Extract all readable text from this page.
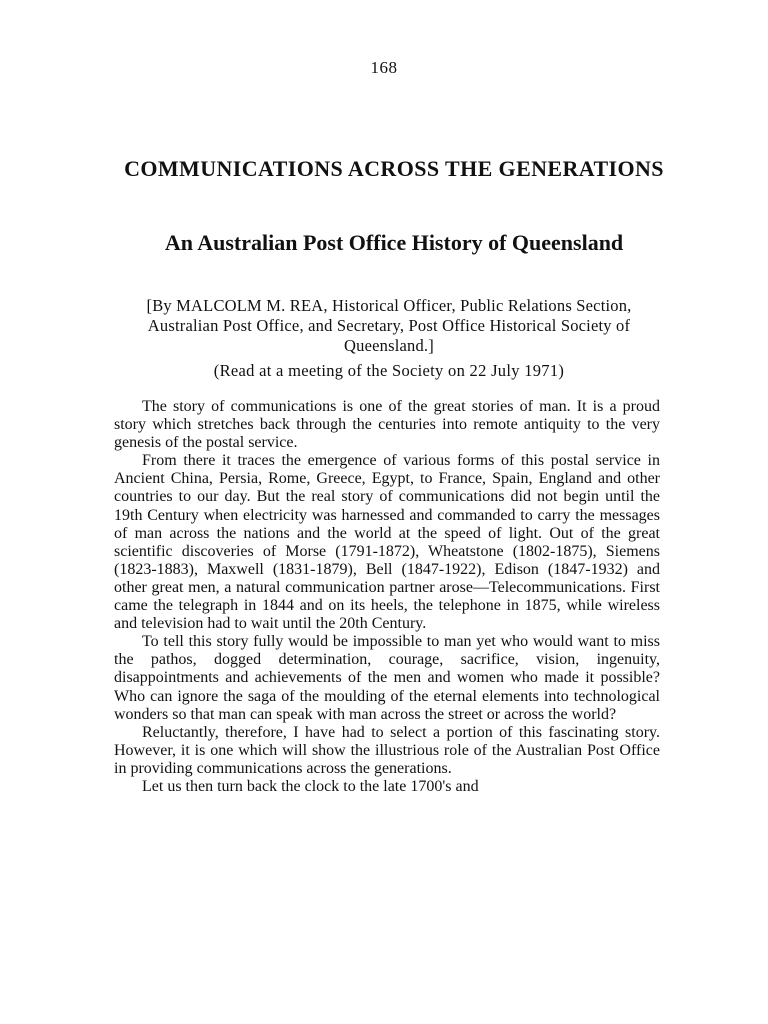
168
COMMUNICATIONS ACROSS THE GENERATIONS
An Australian Post Office History of Queensland
[By MALCOLM M. REA, Historical Officer, Public Relations Section, Australian Post Office, and Secretary, Post Office Historical Society of Queensland.]
(Read at a meeting of the Society on 22 July 1971)

The story of communications is one of the great stories of man. It is a proud story which stretches back through the centuries into remote antiquity to the very genesis of the postal service.

From there it traces the emergence of various forms of this postal service in Ancient China, Persia, Rome, Greece, Egypt, to France, Spain, England and other countries to our day. But the real story of communications did not begin until the 19th Century when electricity was harnessed and commanded to carry the messages of man across the nations and the world at the speed of light. Out of the great scientific discoveries of Morse (1791-1872), Wheatstone (1802-1875), Siemens (1823-1883), Maxwell (1831-1879), Bell (1847-1922), Edison (1847-1932) and other great men, a natural communication partner arose—Telecommunications. First came the telegraph in 1844 and on its heels, the telephone in 1875, while wireless and television had to wait until the 20th Century.

To tell this story fully would be impossible to man yet who would want to miss the pathos, dogged determination, courage, sacrifice, vision, ingenuity, disappointments and achievements of the men and women who made it possible? Who can ignore the saga of the moulding of the eternal elements into technological wonders so that man can speak with man across the street or across the world?

Reluctantly, therefore, I have had to select a portion of this fascinating story. However, it is one which will show the illustrious role of the Australian Post Office in providing communications across the generations.

Let us then turn back the clock to the late 1700's and
